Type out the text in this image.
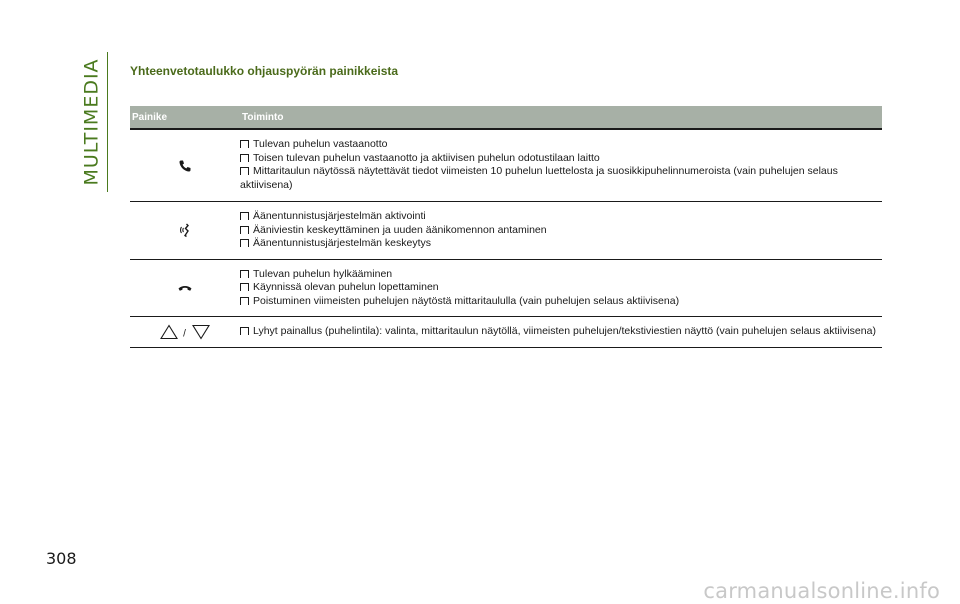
MULTIMEDIA Yhteenvetotaulukko ohjauspyörän painikkeista
Painike	Toiminto
Tulevan puhelun vastaanotto
Toisen tulevan puhelun vastaanotto ja aktiivisen puhelun odotustilaan laitto
Mittaritaulun näytössä näytettävät tiedot viimeisten 10 puhelun luettelosta ja suosikkipuhelinnumeroista (vain puhelujen selaus aktiivisena)
Äänentunnistusjärjestelmän aktivointi
Ääniviestin keskeyttäminen ja uuden äänikomennon antaminen
Äänentunnistusjärjestelmän keskeytys
Tulevan puhelun hylkääminen
Käynnissä olevan puhelun lopettaminen
Poistuminen viimeisten puhelujen näytöstä mittaritaululla (vain puhelujen selaus aktiivisena)
/	Lyhyt painallus (puhelintila): valinta, mittaritaulun näytöllä, viimeisten puhelujen/tekstiviestien näyttö (vain puhelujen selaus aktiivisena)
308
carmanualsonline.info
